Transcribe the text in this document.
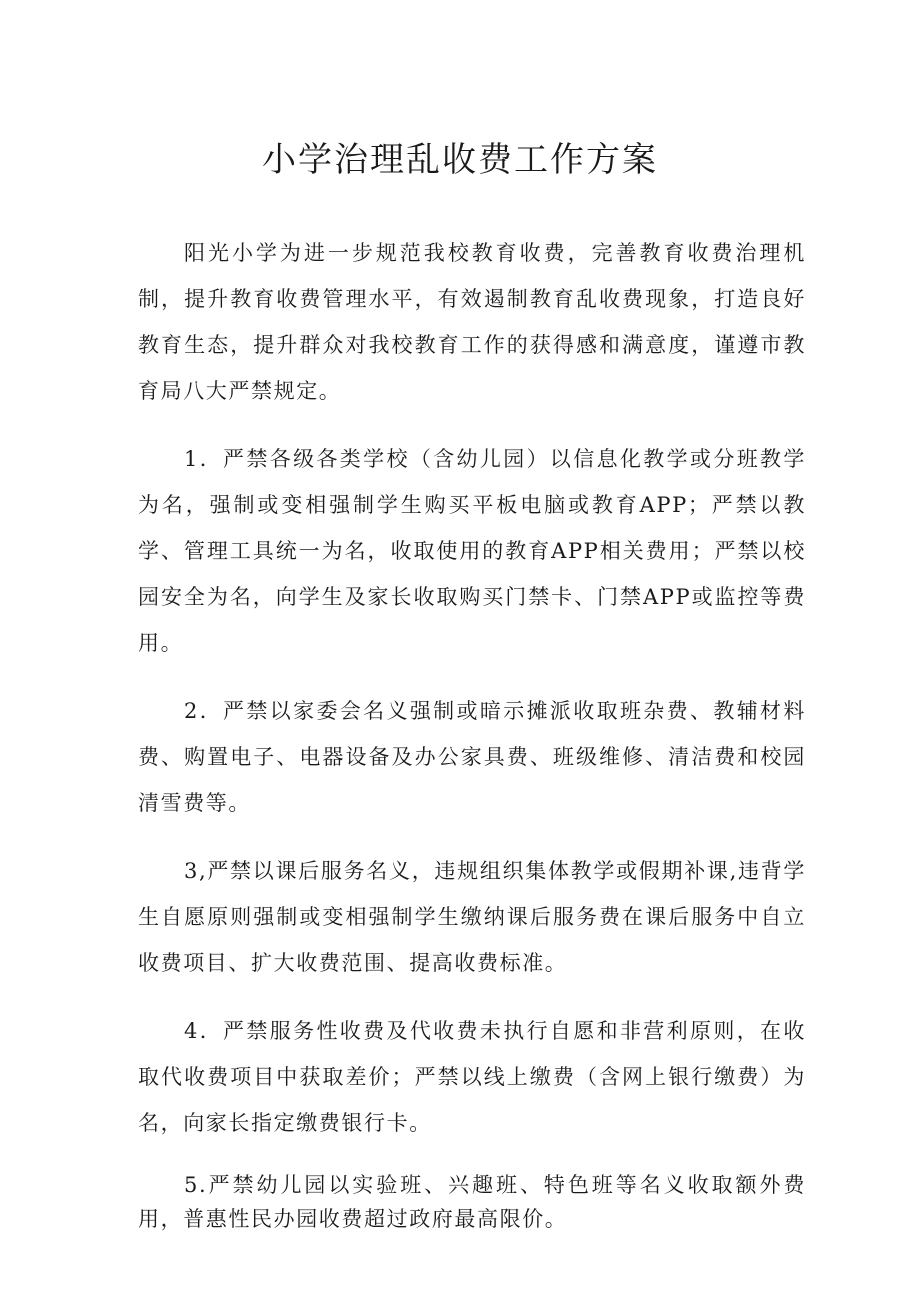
小学治理乱收费工作方案

阳光小学为进一步规范我校教育收费，完善教育收费治理机制，提升教育收费管理水平，有效遏制教育乱收费现象，打造良好教育生态，提升群众对我校教育工作的获得感和满意度，谨遵市教育局八大严禁规定。

1．严禁各级各类学校（含幼儿园）以信息化教学或分班教学为名，强制或变相强制学生购买平板电脑或教育APP；严禁以教学、管理工具统一为名，收取使用的教育APP相关费用；严禁以校园安全为名，向学生及家长收取购买门禁卡、门禁APP或监控等费用。

2．严禁以家委会名义强制或暗示摊派收取班杂费、教辅材料费、购置电子、电器设备及办公家具费、班级维修、清洁费和校园清雪费等。

3,严禁以课后服务名义，违规组织集体教学或假期补课,违背学生自愿原则强制或变相强制学生缴纳课后服务费在课后服务中自立收费项目、扩大收费范围、提高收费标准。

4．严禁服务性收费及代收费未执行自愿和非营利原则，在收取代收费项目中获取差价；严禁以线上缴费（含网上银行缴费）为名，向家长指定缴费银行卡。

5.严禁幼儿园以实验班、兴趣班、特色班等名义收取额外费用，普惠性民办园收费超过政府最高限价。
